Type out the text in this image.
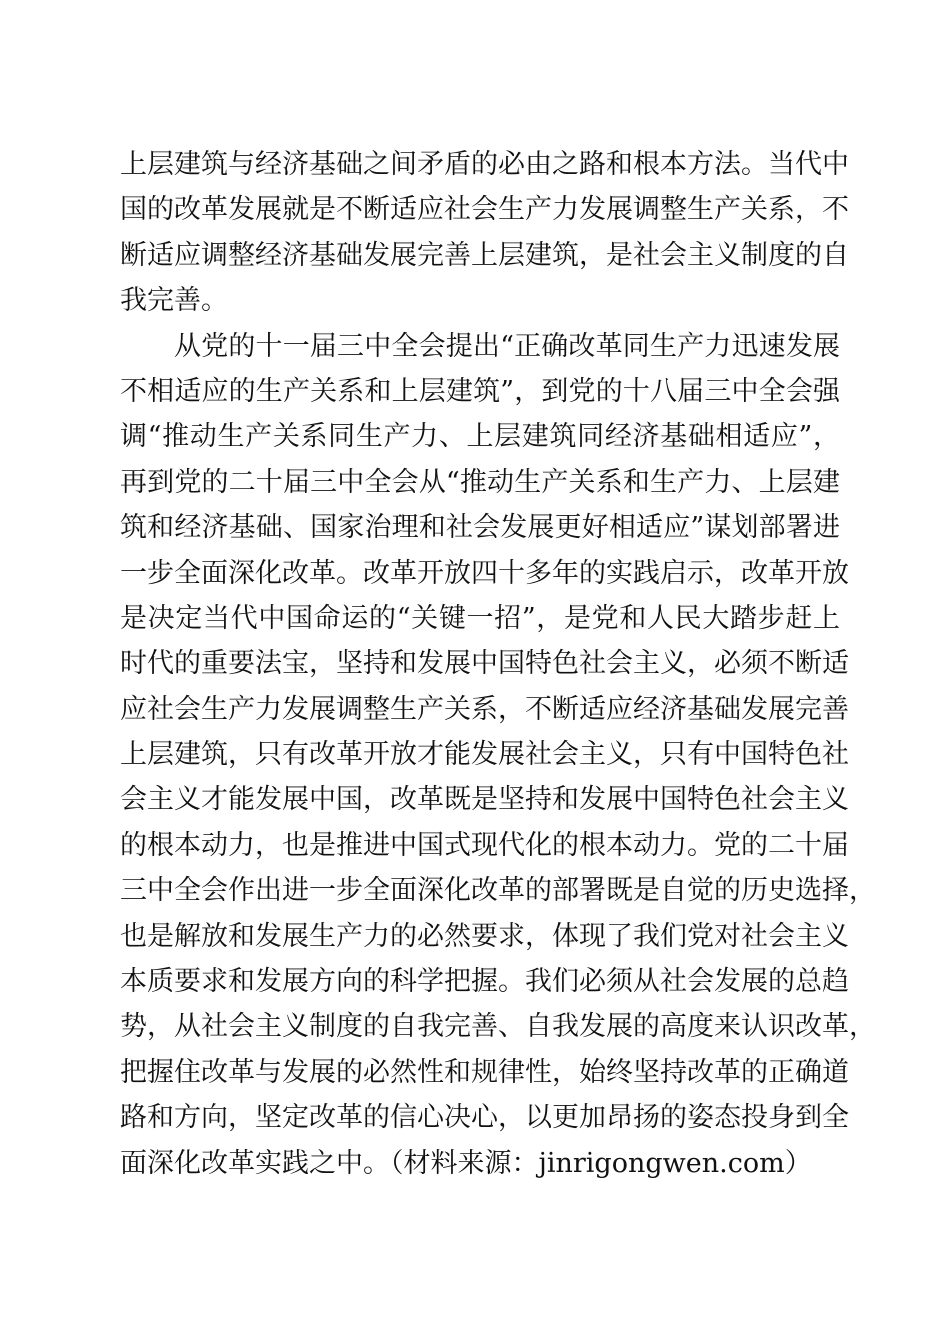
上层建筑与经济基础之间矛盾的必由之路和根本方法。当代中
国的改革发展就是不断适应社会生产力发展调整生产关系，不
断适应调整经济基础发展完善上层建筑，是社会主义制度的自
我完善。
从党的十一届三中全会提出“正确改革同生产力迅速发展
不相适应的生产关系和上层建筑”，到党的十八届三中全会强
调“推动生产关系同生产力、上层建筑同经济基础相适应”，
再到党的二十届三中全会从“推动生产关系和生产力、上层建
筑和经济基础、国家治理和社会发展更好相适应”谋划部署进
一步全面深化改革。改革开放四十多年的实践启示，改革开放
是决定当代中国命运的“关键一招”，是党和人民大踏步赶上
时代的重要法宝，坚持和发展中国特色社会主义，必须不断适
应社会生产力发展调整生产关系，不断适应经济基础发展完善
上层建筑，只有改革开放才能发展社会主义，只有中国特色社
会主义才能发展中国，改革既是坚持和发展中国特色社会主义
的根本动力，也是推进中国式现代化的根本动力。党的二十届
三中全会作出进一步全面深化改革的部署既是自觉的历史选择，
也是解放和发展生产力的必然要求，体现了我们党对社会主义
本质要求和发展方向的科学把握。我们必须从社会发展的总趋
势，从社会主义制度的自我完善、自我发展的高度来认识改革，
把握住改革与发展的必然性和规律性，始终坚持改革的正确道
路和方向，坚定改革的信心决心，以更加昂扬的姿态投身到全
面深化改革实践之中。（材料来源：jinrigongwen.com）
